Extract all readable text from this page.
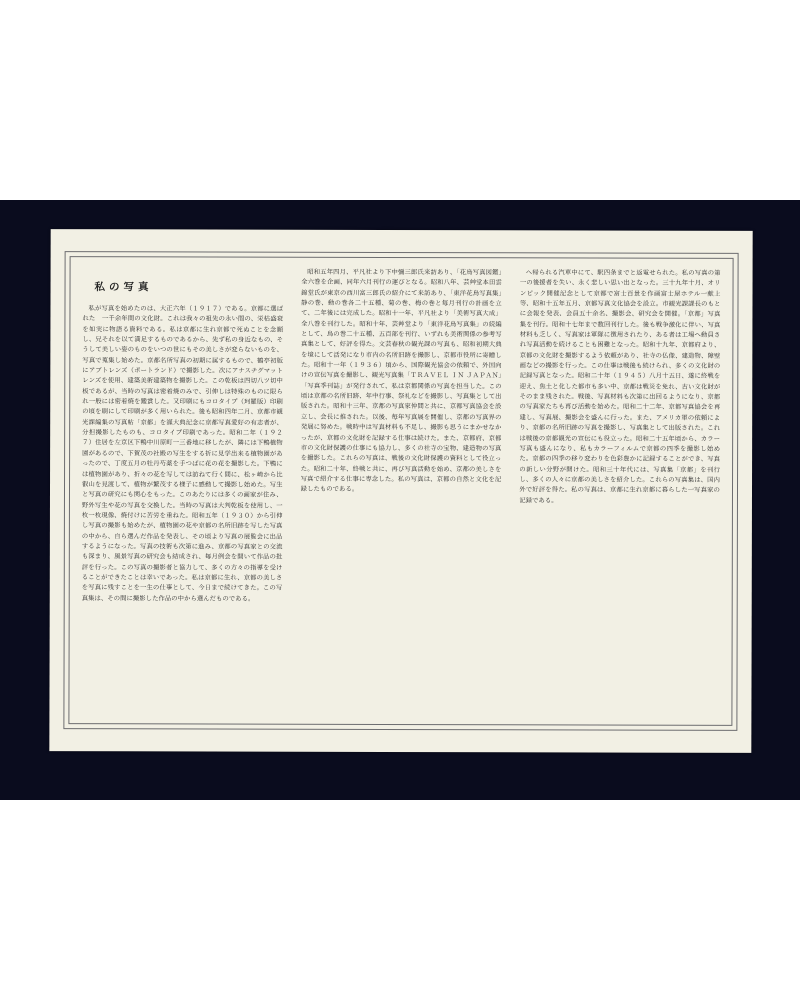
私の写真

私が写真を始めたのは、大正六年（１９１７）である。京都に選ばれた　一千余年間の文化財。これは我々の祖先の永い間の、栄枯盛衰を如実に物語る資料である。私は京都に生れ京都で死ぬことを念願し、兄それを以て満足するものであるから、先ず私の身近なもの、そうして美しい姿のものをいつの世にもその美しさが変らないものを、写真で蒐集し始めた。京都名所写真の初期に属するもので、鶴亭初版にアブトレンズ（ポートランド）で撮影した。次にアナスチグマットレンズを使用、建築美術建築物を撮影した。この乾板は四切八ツ切中板であるが、当時の写真は密着焼のみで、引伸しは特殊のものに限られ一般には密着焼を鑑賞した。又印刷にもコロタイプ（珂羅版）印刷の頃を刷にして印刷が多く用いられた。後も昭和四年二月、京都市観光課編集の写真帖「京都」を謹大典記念に京都写真愛好の有志者が、分担撮影したものも、コロタイプ印刷であった。昭和二年（１９２７）住居を左京区下鴨中川原町一三番地に移したが、隣には下鴨植物園があるので、下賀茂の社殿の写生をする折に見学出来る植物園があったので、丁度五月の牡丹芍薬を手つばに花の花を撮影した。下鴨には植物園があり、折々の花を写しては訪ねて行く間に、松ヶ崎から比叡山を見渡して、植物が繁茂する様子に感動して撮影し始めた。写生と写真の研究にも関心をもった。このあたりには多くの画家が住み、野外写生や花の写真を交換した。当時の写真は大判乾板を使用し、一枚一枚現像、焼付けに苦労を重ねた。昭和五年（１９３０）から引伸し写真の撮影も始めたが、植物園の花や京都の名所旧跡を写した写真の中から、自ら選んだ作品を発表し、その頃より写真の展覧会に出品するようになった。写真の技術も次第に進み、京都の写真家との交流も深まり、風景写真の研究会も結成され、毎月例会を開いて作品の批評を行った。この写真の撮影者と協力して、多くの方々の指導を受けることができたことは幸いであった。私は京都に生れ、京都の美しさを写真に残すことを一生の仕事として、今日まで続けてきた。この写真集は、その間に撮影した作品の中から選んだものである。

昭和五年四月、平凡社より下中彌三郎氏来訪あり、「花鳥写真図鑑」全六巻を企画、同年六月刊行の運びとなる。昭和八年、芸艸堂本田雲錦堂氏が東京の西川富三郎氏の紹介にて来訪あり、「東洋花鳥写真集」静の巻、動の巻各二十五種、菊の巻、梅の巻と毎月刊行の計画を立て、二年後には完成した。昭和十一年、平凡社より「美術写真大成」全八巻を刊行した。昭和十年、芸艸堂より「東洋花鳥写真集」の続編として、鳥の巻二十五種、五百部を刊行、いずれも美術関係の参考写真集として、好評を得た。文芸春秋の観光課の写真も、昭和初期大典を境にして活発になり市内の名所旧跡を撮影し、京都市役所に寄贈した。昭和十一年（１９３６）頃から、国際観光協会の依頼で、外国向けの宣伝写真を撮影し、観光写真集「ＴＲＡＶＥＬ ＩＮ ＪＡＰＡＮ」「写真季刊誌」が発行されて、私は京都関係の写真を担当した。この頃は京都の名所旧跡、年中行事、祭礼などを撮影し、写真集として出版された。昭和十三年、京都の写真家仲間と共に、京都写真協会を設立し、会長に推された。以後、毎年写真展を開催し、京都の写真界の発展に努めた。戦時中は写真材料も不足し、撮影も思うにまかせなかったが、京都の文化財を記録する仕事は続けた。また、京都府、京都市の文化財保護の仕事にも協力し、多くの社寺の宝物、建造物の写真を撮影した。これらの写真は、戦後の文化財保護の資料として役立った。昭和二十年、終戦と共に、再び写真活動を始め、京都の美しさを写真で紹介する仕事に専念した。私の写真は、京都の自然と文化を記録したものである。

へ帰られる汽車中にて、駅四条までと返電せられた。私の写真の第一の後援者を失い、永く悲しい思い出となった。三十九年十月、オリンピック開催記念として京都で富士百景を作画富士屋ホテル一献上等、昭和十五年五月、京都写真文化協会を設立。市観光課課長のもとに会報を発表、会員五十余名、撮影会、研究会を開催。「京都」写真集を刊行。昭和十七年まで数回刊行した。後も戦争激化に伴い、写真材料も乏しく、写真家は軍隊に徴用されたり、ある者は工場へ動員され写真活動を続けることも困難となった。昭和十九年、京都府より、京都の文化財を撮影するよう依頼があり、社寺の仏像、建造物、障壁画などの撮影を行った。この仕事は戦後も続けられ、多くの文化財の記録写真となった。昭和二十年（１９４５）八月十五日、遂に終戦を迎え、焦土と化した都市も多い中、京都は戦災を免れ、古い文化財がそのまま残された。戦後、写真材料も次第に出回るようになり、京都の写真家たちも再び活動を始めた。昭和二十二年、京都写真協会を再建し、写真展、撮影会を盛んに行った。また、アメリカ軍の依頼により、京都の名所旧跡の写真を撮影し、写真集として出版された。これは戦後の京都観光の宣伝にも役立った。昭和二十五年頃から、カラー写真も盛んになり、私もカラーフィルムで京都の四季を撮影し始めた。京都の四季の移り変わりを色彩豊かに記録することができ、写真の新しい分野が開けた。昭和三十年代には、写真集「京都」を刊行し、多くの人々に京都の美しさを紹介した。これらの写真集は、国内外で好評を得た。私の写真は、京都に生れ京都に暮らした一写真家の記録である。
